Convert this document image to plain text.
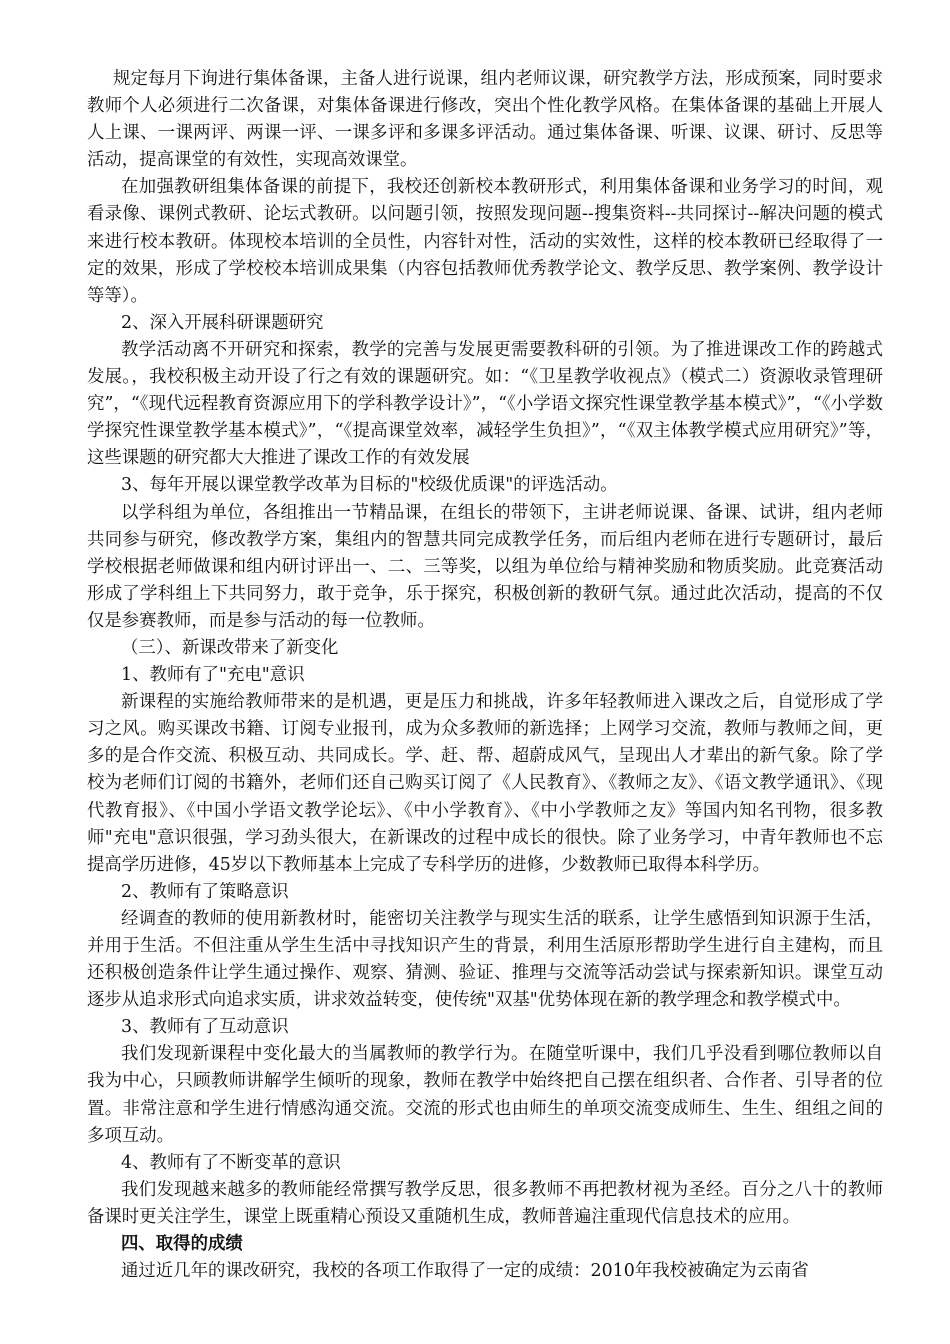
规定每月下询进行集体备课，主备人进行说课，组内老师议课，研究教学方法，形成预案，同时要求教师个人必须进行二次备课，对集体备课进行修改，突出个性化教学风格。在集体备课的基础上开展人人上课、一课两评、两课一评、一课多评和多课多评活动。通过集体备课、听课、议课、研讨、反思等活动，提高课堂的有效性，实现高效课堂。

在加强教研组集体备课的前提下，我校还创新校本教研形式，利用集体备课和业务学习的时间，观看录像、课例式教研、论坛式教研。以问题引领，按照发现问题--搜集资料--共同探讨--解决问题的模式来进行校本教研。体现校本培训的全员性，内容针对性，活动的实效性，这样的校本教研已经取得了一定的效果，形成了学校校本培训成果集（内容包括教师优秀教学论文、教学反思、教学案例、教学设计等等）。

2、深入开展科研课题研究

教学活动离不开研究和探索，教学的完善与发展更需要教科研的引领。为了推进课改工作的跨越式发展。，我校积极主动开设了行之有效的课题研究。如：“《卫星教学收视点》（模式二）资源收录管理研究”，“《现代远程教育资源应用下的学科教学设计》”，“《小学语文探究性课堂教学基本模式》”，“《小学数学探究性课堂教学基本模式》”，“《提高课堂效率，减轻学生负担》”，“《双主体教学模式应用研究》”等，这些课题的研究都大大推进了课改工作的有效发展

3、每年开展以课堂教学改革为目标的"校级优质课"的评选活动。

以学科组为单位，各组推出一节精品课，在组长的带领下，主讲老师说课、备课、试讲，组内老师共同参与研究，修改教学方案，集组内的智慧共同完成教学任务，而后组内老师在进行专题研讨，最后学校根据老师做课和组内研讨评出一、二、三等奖，以组为单位给与精神奖励和物质奖励。此竞赛活动形成了学科组上下共同努力，敢于竞争，乐于探究，积极创新的教研气氛。通过此次活动，提高的不仅仅是参赛教师，而是参与活动的每一位教师。

（三）、新课改带来了新变化

1、教师有了"充电"意识

新课程的实施给教师带来的是机遇，更是压力和挑战，许多年轻教师进入课改之后，自觉形成了学习之风。购买课改书籍、订阅专业报刊，成为众多教师的新选择；上网学习交流，教师与教师之间，更多的是合作交流、积极互动、共同成长。学、赶、帮、超蔚成风气，呈现出人才辈出的新气象。除了学校为老师们订阅的书籍外，老师们还自己购买订阅了《人民教育》、《教师之友》、《语文教学通讯》、《现代教育报》、《中国小学语文教学论坛》、《中小学教育》、《中小学教师之友》等国内知名刊物，很多教师"充电"意识很强，学习劲头很大，在新课改的过程中成长的很快。除了业务学习，中青年教师也不忘提高学历进修，45岁以下教师基本上完成了专科学历的进修，少数教师已取得本科学历。

2、教师有了策略意识

经调查的教师的使用新教材时，能密切关注教学与现实生活的联系，让学生感悟到知识源于生活，并用于生活。不但注重从学生生活中寻找知识产生的背景，利用生活原形帮助学生进行自主建构，而且还积极创造条件让学生通过操作、观察、猜测、验证、推理与交流等活动尝试与探索新知识。课堂互动逐步从追求形式向追求实质，讲求效益转变，使传统"双基"优势体现在新的教学理念和教学模式中。

3、教师有了互动意识

我们发现新课程中变化最大的当属教师的教学行为。在随堂听课中，我们几乎没看到哪位教师以自我为中心，只顾教师讲解学生倾听的现象，教师在教学中始终把自己摆在组织者、合作者、引导者的位置。非常注意和学生进行情感沟通交流。交流的形式也由师生的单项交流变成师生、生生、组组之间的多项互动。

4、教师有了不断变革的意识

我们发现越来越多的教师能经常撰写教学反思，很多教师不再把教材视为圣经。百分之八十的教师备课时更关注学生，课堂上既重精心预设又重随机生成，教师普遍注重现代信息技术的应用。

四、取得的成绩

通过近几年的课改研究，我校的各项工作取得了一定的成绩：2010年我校被确定为云南省
